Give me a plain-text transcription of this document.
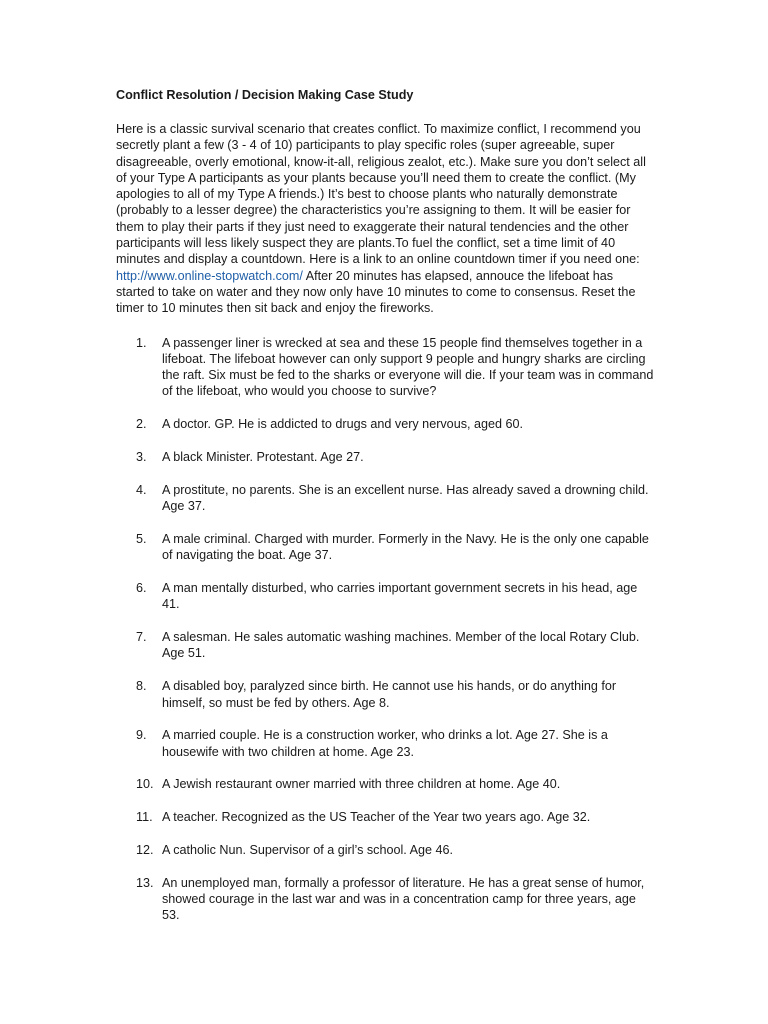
Conflict Resolution / Decision Making Case Study

Here is a classic survival scenario that creates conflict. To maximize conflict, I recommend you secretly plant a few (3 - 4 of 10) participants to play specific roles (super agreeable, super disagreeable, overly emotional, know-it-all, religious zealot, etc.). Make sure you don’t select all of your Type A participants as your plants because you’ll need them to create the conflict. (My apologies to all of my Type A friends.) It’s best to choose plants who naturally demonstrate (probably to a lesser degree) the characteristics you’re assigning to them. It will be easier for them to play their parts if they just need to exaggerate their natural tendencies and the other participants will less likely suspect they are plants.To fuel the conflict, set a time limit of 40 minutes and display a countdown. Here is a link to an online countdown timer if you need one: http://www.online-stopwatch.com/ After 20 minutes has elapsed, annouce the lifeboat has started to take on water and they now only have 10 minutes to come to consensus. Reset the timer to 10 minutes then sit back and enjoy the fireworks.

1.	A passenger liner is wrecked at sea and these 15 people find themselves together in a lifeboat. The lifeboat however can only support 9 people and hungry sharks are circling the raft. Six must be fed to the sharks or everyone will die. If your team was in command of the lifeboat, who would you choose to survive?
2.	A doctor. GP. He is addicted to drugs and very nervous, aged 60.
3.	A black Minister. Protestant. Age 27.
4.	A prostitute, no parents. She is an excellent nurse. Has already saved a drowning child. Age 37.
5.	A male criminal. Charged with murder. Formerly in the Navy. He is the only one capable of navigating the boat. Age 37.
6.	A man mentally disturbed, who carries important government secrets in his head, age 41.
7.	A salesman. He sales automatic washing machines. Member of the local Rotary Club. Age 51.
8.	A disabled boy, paralyzed since birth. He cannot use his hands, or do anything for himself, so must be fed by others. Age 8.
9.	A married couple. He is a construction worker, who drinks a lot. Age 27. She is a housewife with two children at home. Age 23.
10. A Jewish restaurant owner married with three children at home. Age 40.
11. A teacher. Recognized as the US Teacher of the Year two years ago. Age 32.
12. A catholic Nun. Supervisor of a girl’s school. Age 46.
13. An unemployed man, formally a professor of literature. He has a great sense of humor, showed courage in the last war and was in a concentration camp for three years, age 53.
